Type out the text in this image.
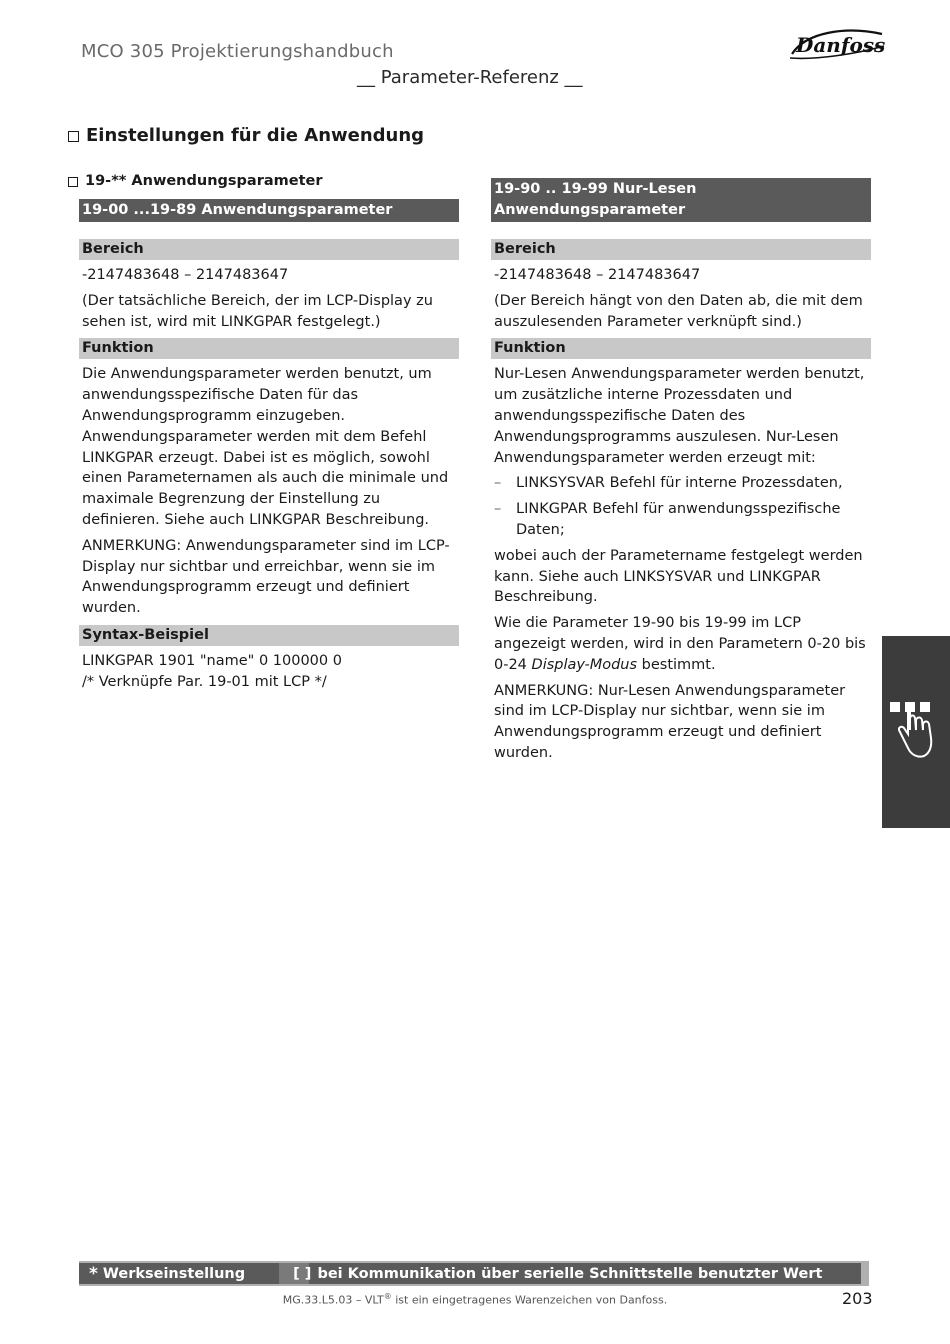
MCO 305 Projektierungshandbuch	Danfoss
__ Parameter-Referenz __
Einstellungen für die Anwendung
19-** Anwendungsparameter
19-00 ...19-89 Anwendungsparameter
Bereich
-2147483648 – 2147483647
(Der tatsächliche Bereich, der im LCP-Display zu sehen ist, wird mit LINKGPAR festgelegt.)
Funktion
Die Anwendungsparameter werden benutzt, um anwendungsspezifische Daten für das Anwendungsprogramm einzugeben. Anwendungsparameter werden mit dem Befehl LINKGPAR erzeugt. Dabei ist es möglich, sowohl einen Parameternamen als auch die minimale und maximale Begrenzung der Einstellung zu definieren. Siehe auch LINKGPAR Beschreibung.
ANMERKUNG: Anwendungsparameter sind im LCP-Display nur sichtbar und erreichbar, wenn sie im Anwendungsprogramm erzeugt und definiert wurden.
Syntax-Beispiel
LINKGPAR 1901 "name" 0 100000 0
/* Verknüpfe Par. 19-01 mit LCP */
19-90 .. 19-99 Nur-Lesen
Anwendungsparameter
Bereich
-2147483648 – 2147483647
(Der Bereich hängt von den Daten ab, die mit dem auszulesenden Parameter verknüpft sind.)
Funktion
Nur-Lesen Anwendungsparameter werden benutzt, um zusätzliche interne Prozessdaten und anwendungsspezifische Daten des Anwendungsprogramms auszulesen. Nur-Lesen Anwendungsparameter werden erzeugt mit:
– LINKSYSVAR Befehl für interne Prozessdaten,
– LINKGPAR Befehl für anwendungsspezifische Daten;
wobei auch der Parametername festgelegt werden kann. Siehe auch LINKSYSVAR und LINKGPAR Beschreibung.
Wie die Parameter 19-90 bis 19-99 im LCP angezeigt werden, wird in den Parametern 0-20 bis 0-24 Display-Modus bestimmt.
ANMERKUNG: Nur-Lesen Anwendungsparameter sind im LCP-Display nur sichtbar, wenn sie im Anwendungsprogramm erzeugt und definiert wurden.
* Werkseinstellung	[ ] bei Kommunikation über serielle Schnittstelle benutzter Wert
MG.33.L5.03 – VLT® ist ein eingetragenes Warenzeichen von Danfoss.	203
